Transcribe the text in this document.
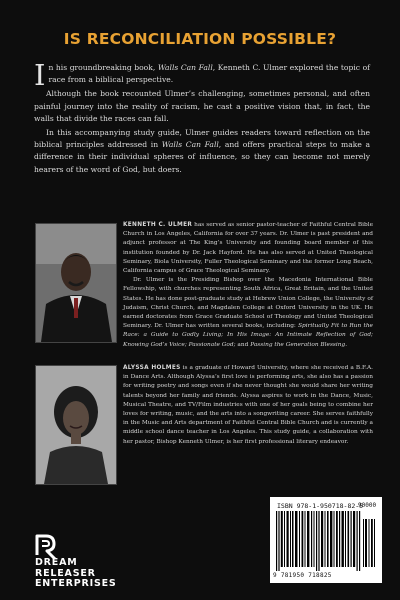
IS RECONCILIATION POSSIBLE?

In his groundbreaking book, Walls Can Fall, Kenneth C. Ulmer explored the topic of race from a biblical perspective.

Although the book recounted Ulmer’s challenging, sometimes personal, and often painful journey into the reality of racism, he cast a positive vision that, in fact, the walls that divide the races can fall.

In this accompanying study guide, Ulmer guides readers toward reflection on the biblical principles addressed in Walls Can Fall, and offers practical steps to make a difference in their individual spheres of influence, so they can become not merely hearers of the word of God, but doers.

KENNETH C. ULMER has served as senior pastor-teacher of Faithful Central Bible Church in Los Angeles, California for over 37 years. Dr. Ulmer is past president and adjunct professor at The King’s University and founding board member of this institution founded by Dr. Jack Hayford. He has also served at United Theological Seminary, Biola University, Fuller Theological Seminary and the former Long Beach, California campus of Grace Theological Seminary.

Dr. Ulmer is the Presiding Bishop over the Macedonia International Bible Fellowship, with churches representing South Africa, Great Britain, and the United States. He has done post-graduate study at Hebrew Union College, the University of Judaism, Christ Church, and Magdalen College at Oxford University in the UK. He earned doctorates from Grace Graduate School of Theology and United Theological Seminary. Dr. Ulmer has written several books, including: Spiritually Fit to Run the Race: a Guide to Godly Living; In His Image: An Intimate Reflection of God; Knowing God’s Voice; Passionate God; and Passing the Generation Blessing.

ALYSSA HOLMES is a graduate of Howard University, where she received a B.F.A. in Dance Arts. Although Alyssa’s first love is performing arts, she also has a passion for writing poetry and songs even if she never thought she would share her writing talents beyond her family and friends. Alyssa aspires to work in the Dance, Music, Musical Theatre, and TV/Film industries with one of her goals being to combine her loves for writing, music, and the arts into a songwriting career. She serves faithfully in the Music and Arts department of Faithful Central Bible Church and is currently a middle school dance teacher in Los Angeles. This study guide, a collaboration with her pastor, Bishop Kenneth Ulmer, is her first professional literary endeavor.

DREAM
RELEASER
ENTERPRISES
ISBN 978-1-950718-82-5
9 781950 718825
90000
